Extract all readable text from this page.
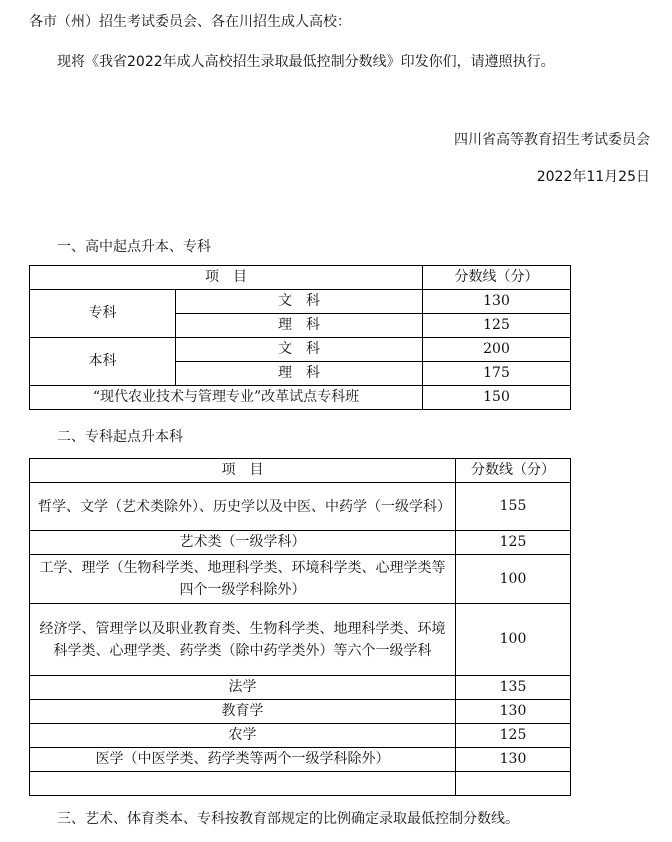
各市（州）招生考试委员会、各在川招生成人高校：
现将《我省2022年成人高校招生录取最低控制分数线》印发你们，请遵照执行。
四川省高等教育招生考试委员会
2022年11月25日
一、高中起点升本、专科
项　目		分数线（分）
专科	文　科	130
	理　科	125
本科	文　科	200
	理　科	175
“现代农业技术与管理专业”改革试点专科班		150
二、专科起点升本科
项　目	分数线（分）
哲学、文学（艺术类除外）、历史学以及中医、中药学（一级学科）	155
艺术类（一级学科）	125
工学、理学（生物科学类、地理科学类、环境科学类、心理学类等四个一级学科除外）	100
经济学、管理学以及职业教育类、生物科学类、地理科学类、环境科学类、心理学类、药学类（除中药学类外）等六个一级学科	100
法学	135
教育学	130
农学	125
医学（中医学类、药学类等两个一级学科除外）	130

三、艺术、体育类本、专科按教育部规定的比例确定录取最低控制分数线。
